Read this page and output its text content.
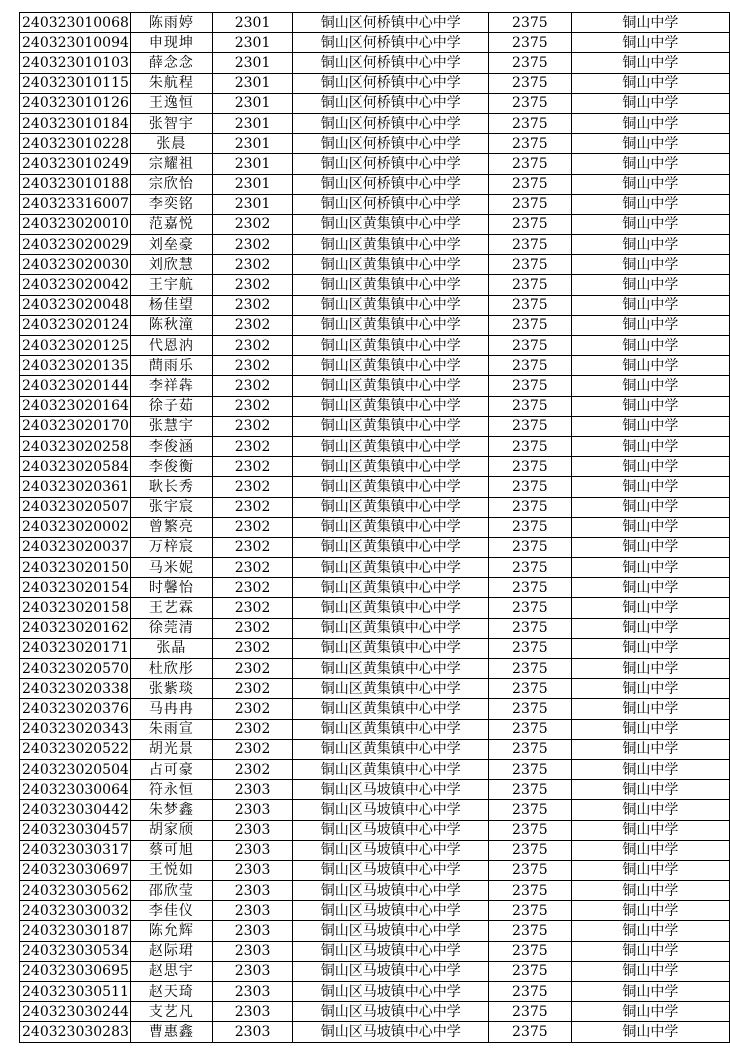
240323010068	陈雨婷	2301	铜山区何桥镇中心中学	2375	铜山中学
240323010094	申现坤	2301	铜山区何桥镇中心中学	2375	铜山中学
240323010103	薛念念	2301	铜山区何桥镇中心中学	2375	铜山中学
240323010115	朱航程	2301	铜山区何桥镇中心中学	2375	铜山中学
240323010126	王逸恒	2301	铜山区何桥镇中心中学	2375	铜山中学
240323010184	张智宇	2301	铜山区何桥镇中心中学	2375	铜山中学
240323010228	张晨	2301	铜山区何桥镇中心中学	2375	铜山中学
240323010249	宗耀祖	2301	铜山区何桥镇中心中学	2375	铜山中学
240323010188	宗欣怡	2301	铜山区何桥镇中心中学	2375	铜山中学
240323316007	李奕铭	2301	铜山区何桥镇中心中学	2375	铜山中学
240323020010	范嘉悦	2302	铜山区黄集镇中心中学	2375	铜山中学
240323020029	刘垒豪	2302	铜山区黄集镇中心中学	2375	铜山中学
240323020030	刘欣慧	2302	铜山区黄集镇中心中学	2375	铜山中学
240323020042	王宇航	2302	铜山区黄集镇中心中学	2375	铜山中学
240323020048	杨佳望	2302	铜山区黄集镇中心中学	2375	铜山中学
240323020124	陈秋潼	2302	铜山区黄集镇中心中学	2375	铜山中学
240323020125	代恩汭	2302	铜山区黄集镇中心中学	2375	铜山中学
240323020135	蔄雨乐	2302	铜山区黄集镇中心中学	2375	铜山中学
240323020144	李祥犇	2302	铜山区黄集镇中心中学	2375	铜山中学
240323020164	徐子茹	2302	铜山区黄集镇中心中学	2375	铜山中学
240323020170	张慧宇	2302	铜山区黄集镇中心中学	2375	铜山中学
240323020258	李俊涵	2302	铜山区黄集镇中心中学	2375	铜山中学
240323020584	李俊衡	2302	铜山区黄集镇中心中学	2375	铜山中学
240323020361	耿长秀	2302	铜山区黄集镇中心中学	2375	铜山中学
240323020507	张宇宸	2302	铜山区黄集镇中心中学	2375	铜山中学
240323020002	曾繁亮	2302	铜山区黄集镇中心中学	2375	铜山中学
240323020037	万梓宸	2302	铜山区黄集镇中心中学	2375	铜山中学
240323020150	马米妮	2302	铜山区黄集镇中心中学	2375	铜山中学
240323020154	时馨怡	2302	铜山区黄集镇中心中学	2375	铜山中学
240323020158	王艺霖	2302	铜山区黄集镇中心中学	2375	铜山中学
240323020162	徐莞清	2302	铜山区黄集镇中心中学	2375	铜山中学
240323020171	张晶	2302	铜山区黄集镇中心中学	2375	铜山中学
240323020570	杜欣彤	2302	铜山区黄集镇中心中学	2375	铜山中学
240323020338	张紫琰	2302	铜山区黄集镇中心中学	2375	铜山中学
240323020376	马冉冉	2302	铜山区黄集镇中心中学	2375	铜山中学
240323020343	朱雨宣	2302	铜山区黄集镇中心中学	2375	铜山中学
240323020522	胡光景	2302	铜山区黄集镇中心中学	2375	铜山中学
240323020504	占可豪	2302	铜山区黄集镇中心中学	2375	铜山中学
240323030064	符永恒	2303	铜山区马坡镇中心中学	2375	铜山中学
240323030442	朱梦鑫	2303	铜山区马坡镇中心中学	2375	铜山中学
240323030457	胡家颀	2303	铜山区马坡镇中心中学	2375	铜山中学
240323030317	蔡可旭	2303	铜山区马坡镇中心中学	2375	铜山中学
240323030697	王悦如	2303	铜山区马坡镇中心中学	2375	铜山中学
240323030562	邵欣莹	2303	铜山区马坡镇中心中学	2375	铜山中学
240323030032	李佳仪	2303	铜山区马坡镇中心中学	2375	铜山中学
240323030187	陈允辉	2303	铜山区马坡镇中心中学	2375	铜山中学
240323030534	赵际珺	2303	铜山区马坡镇中心中学	2375	铜山中学
240323030695	赵思宇	2303	铜山区马坡镇中心中学	2375	铜山中学
240323030511	赵天琦	2303	铜山区马坡镇中心中学	2375	铜山中学
240323030244	支艺凡	2303	铜山区马坡镇中心中学	2375	铜山中学
240323030283	曹惠鑫	2303	铜山区马坡镇中心中学	2375	铜山中学
